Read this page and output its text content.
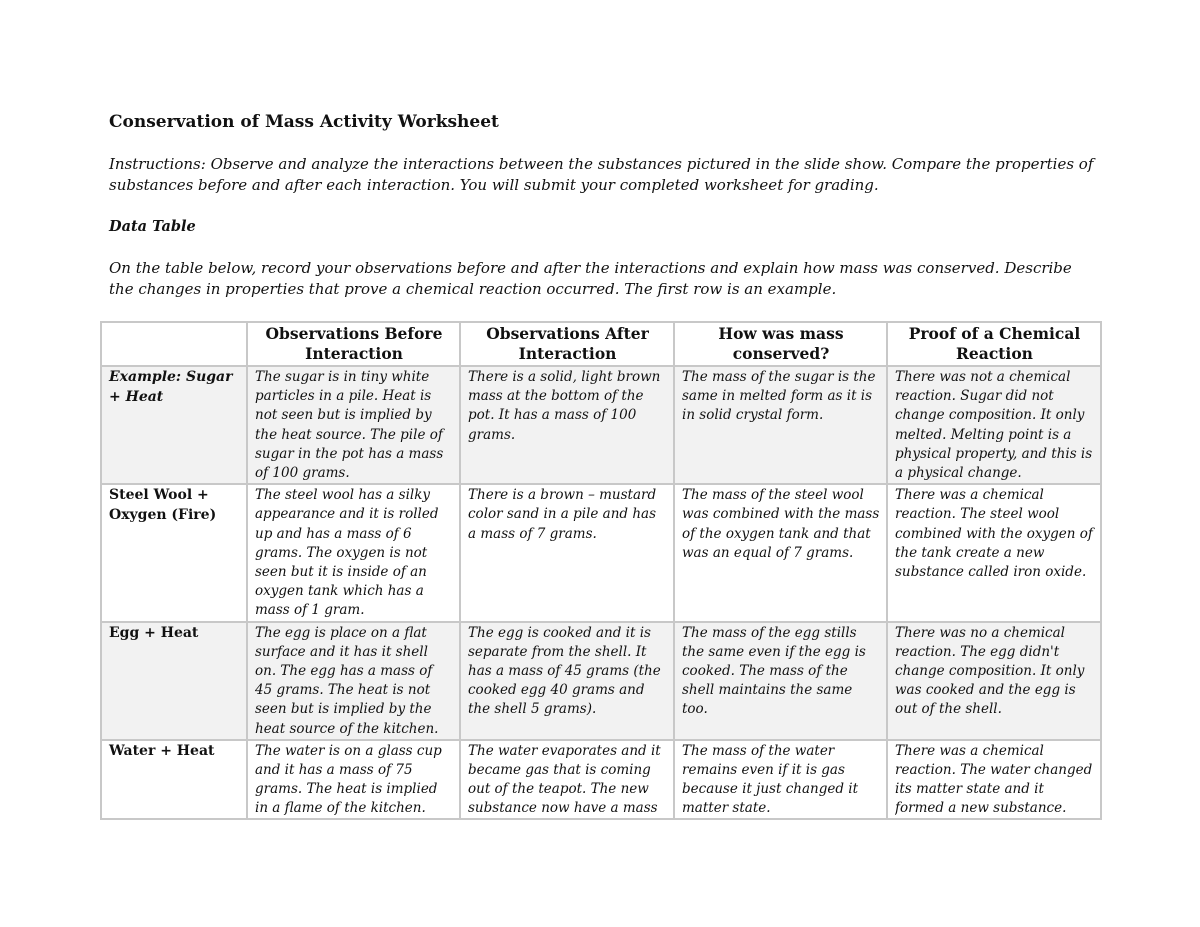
Conservation of Mass Activity Worksheet

Instructions: Observe and analyze the interactions between the substances pictured in the slide show. Compare the properties of substances before and after each interaction. You will submit your completed worksheet for grading.

Data Table

On the table below, record your observations before and after the interactions and explain how mass was conserved. Describe the changes in properties that prove a chemical reaction occurred. The first row is an example.

	Observations Before Interaction	Observations After Interaction	How was mass conserved?	Proof of a Chemical Reaction
Example: Sugar + Heat	The sugar is in tiny white particles in a pile. Heat is not seen but is implied by the heat source. The pile of sugar in the pot has a mass of 100 grams.	There is a solid, light brown mass at the bottom of the pot. It has a mass of 100 grams.	The mass of the sugar is the same in melted form as it is in solid crystal form.	There was not a chemical reaction. Sugar did not change composition. It only melted. Melting point is a physical property, and this is a physical change.
Steel Wool + Oxygen (Fire)	The steel wool has a silky appearance and it is rolled up and has a mass of 6 grams. The oxygen is not seen but it is inside of an oxygen tank which has a mass of 1 gram.	There is a brown – mustard color sand in a pile and has a mass of 7 grams.	The mass of the steel wool was combined with the mass of the oxygen tank and that was an equal of 7 grams.	There was a chemical reaction. The steel wool combined with the oxygen of the tank create a new substance called iron oxide.
Egg + Heat	The egg is place on a flat surface and it has it shell on. The egg has a mass of 45 grams. The heat is not seen but is implied by the heat source of the kitchen.	The egg is cooked and it is separate from the shell. It has a mass of 45 grams (the cooked egg 40 grams and the shell 5 grams).	The mass of the egg stills the same even if the egg is cooked. The mass of the shell maintains the same too.	There was no a chemical reaction. The egg didn't change composition. It only was cooked and the egg is out of the shell.
Water + Heat	The water is on a glass cup and it has a mass of 75 grams. The heat is implied in a flame of the kitchen.	The water evaporates and it became gas that is coming out of the teapot. The new substance now have a mass	The mass of the water remains even if it is gas because it just changed it matter state.	There was a chemical reaction. The water changed its matter state and it formed a new substance.
